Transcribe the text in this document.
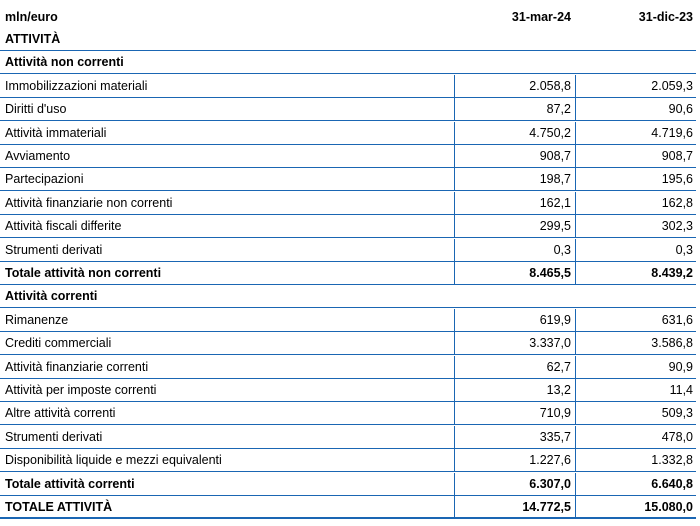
mln/euro	31-mar-24	31-dic-23
ATTIVITÀ
Attività non correnti
Immobilizzazioni materiali	2.058,8	2.059,3
Diritti d'uso	87,2	90,6
Attività immateriali	4.750,2	4.719,6
Avviamento	908,7	908,7
Partecipazioni	198,7	195,6
Attività finanziarie non correnti	162,1	162,8
Attività fiscali differite	299,5	302,3
Strumenti derivati	0,3	0,3
Totale attività non correnti	8.465,5	8.439,2
Attività correnti
Rimanenze	619,9	631,6
Crediti commerciali	3.337,0	3.586,8
Attività finanziarie correnti	62,7	90,9
Attività per imposte correnti	13,2	11,4
Altre attività correnti	710,9	509,3
Strumenti derivati	335,7	478,0
Disponibilità liquide e mezzi equivalenti	1.227,6	1.332,8
Totale attività correnti	6.307,0	6.640,8
TOTALE ATTIVITÀ	14.772,5	15.080,0
